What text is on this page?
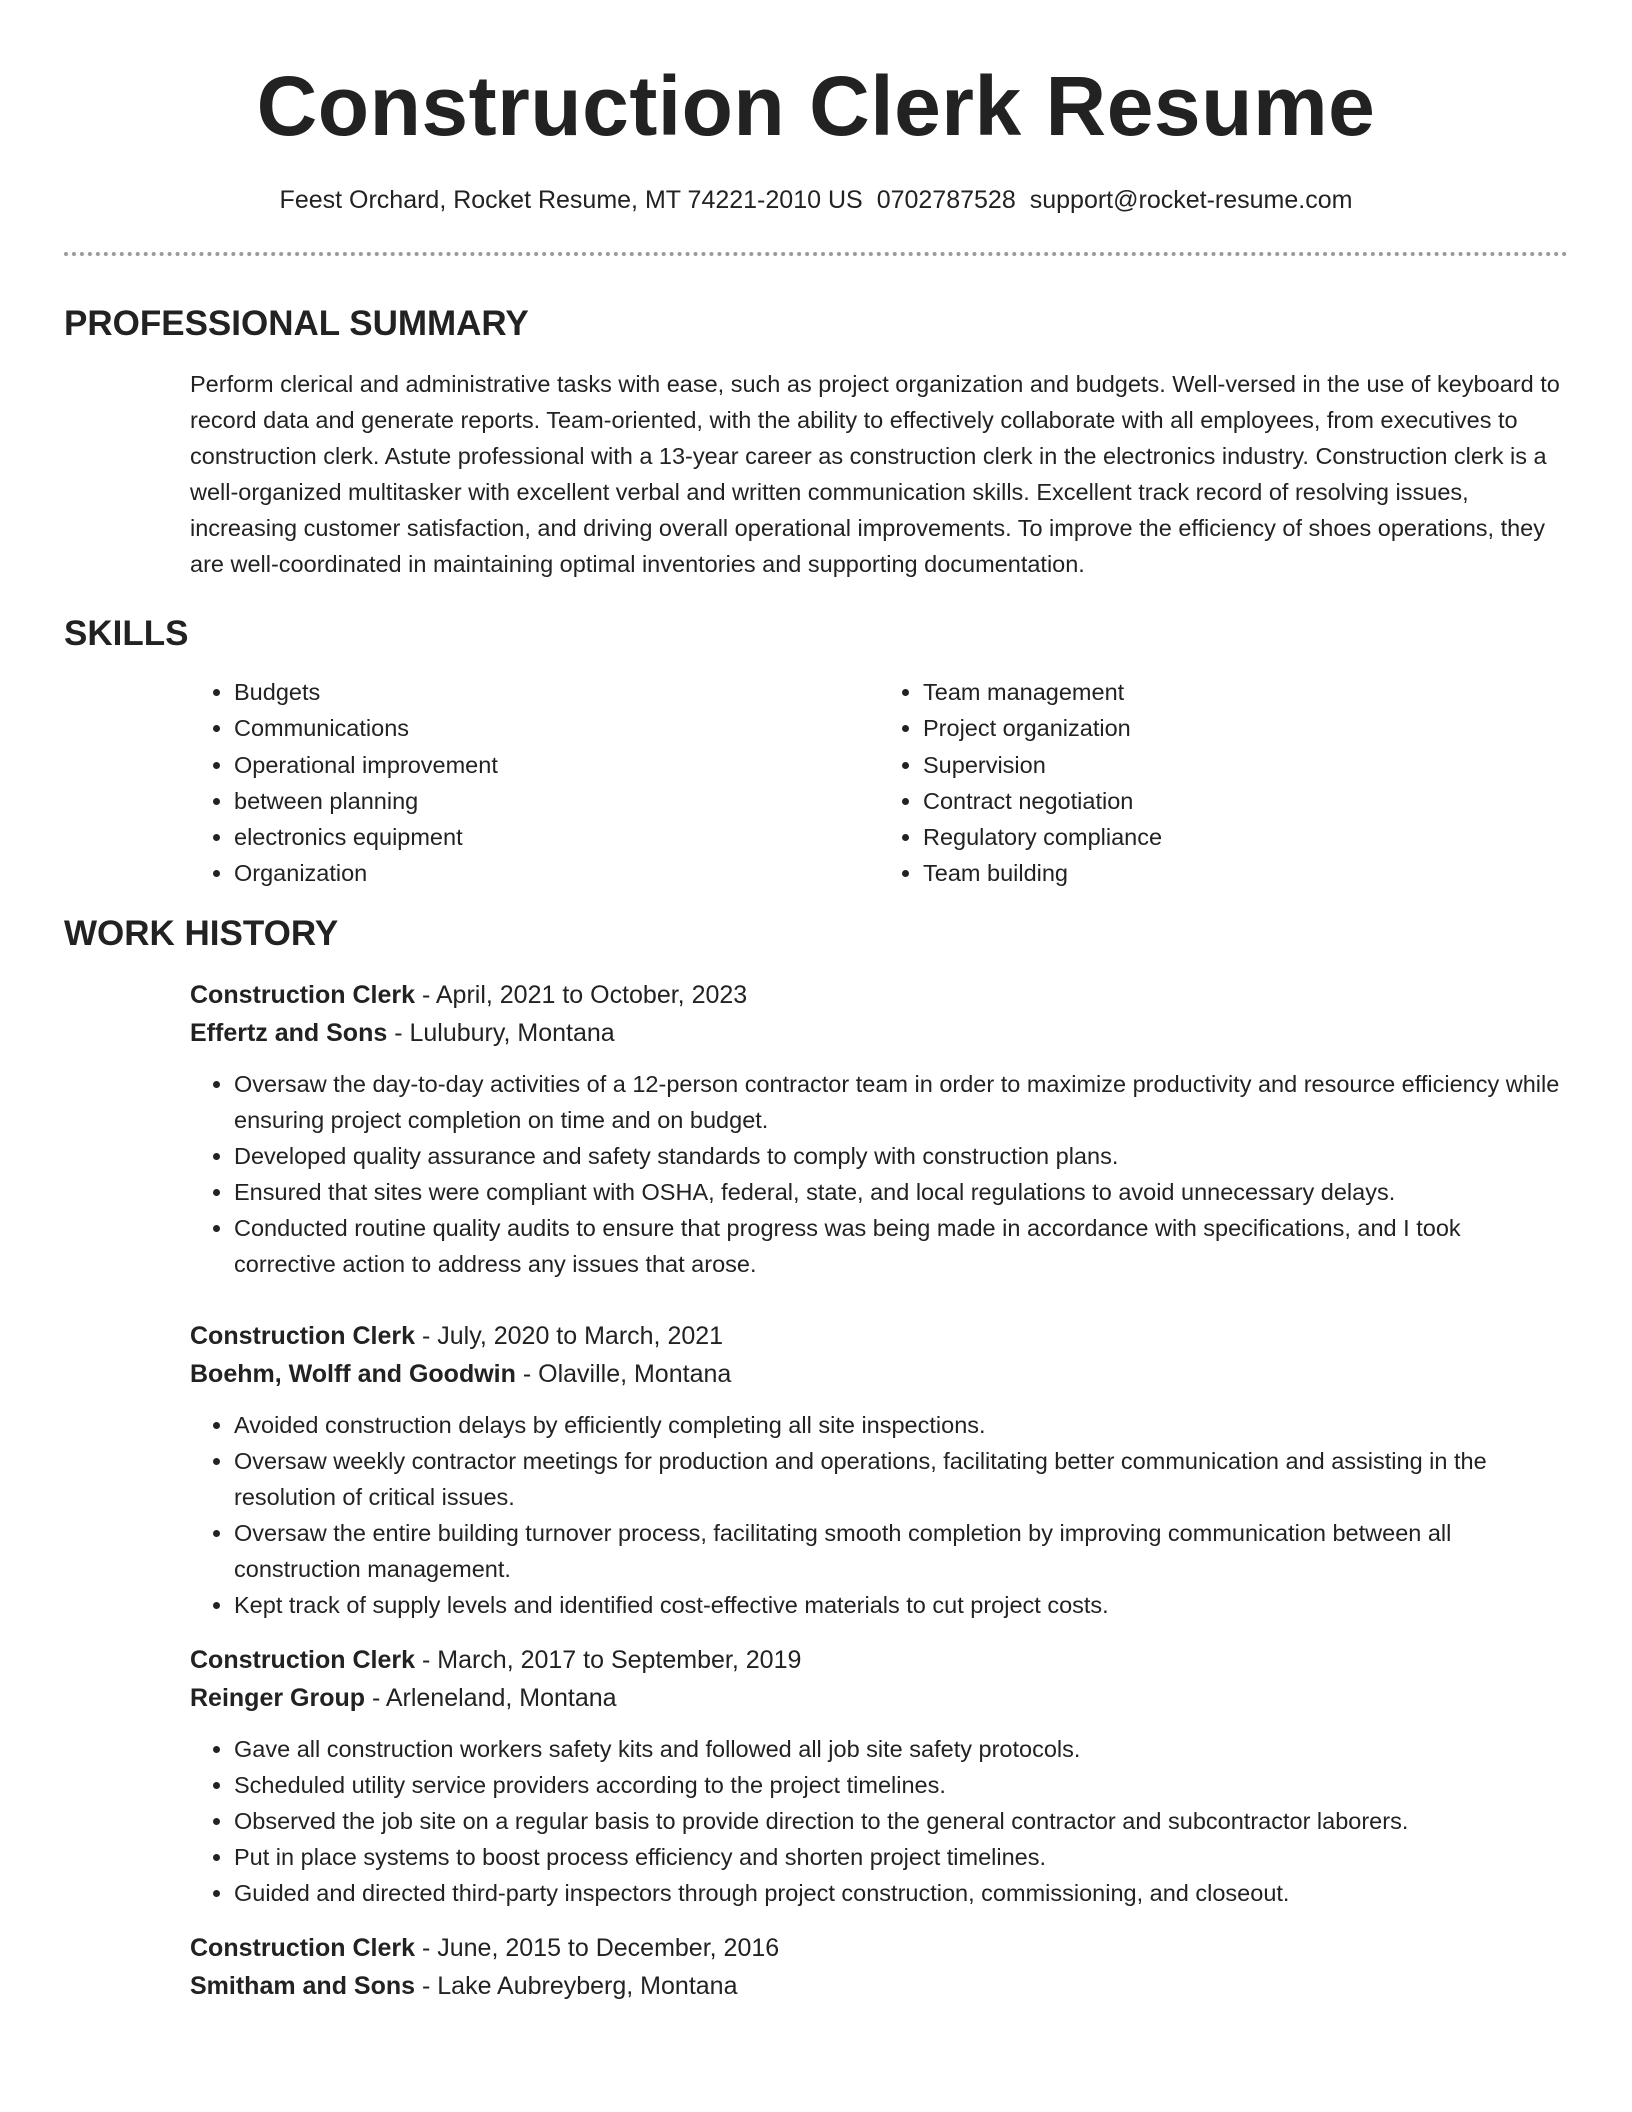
Construction Clerk Resume
Feest Orchard, Rocket Resume, MT 74221-2010 US 0702787528 support@rocket-resume.com
PROFESSIONAL SUMMARY
Perform clerical and administrative tasks with ease, such as project organization and budgets. Well-versed in the use of keyboard to record data and generate reports. Team-oriented, with the ability to effectively collaborate with all employees, from executives to construction clerk. Astute professional with a 13-year career as construction clerk in the electronics industry. Construction clerk is a well-organized multitasker with excellent verbal and written communication skills. Excellent track record of resolving issues, increasing customer satisfaction, and driving overall operational improvements. To improve the efficiency of shoes operations, they are well-coordinated in maintaining optimal inventories and supporting documentation.
SKILLS
• Budgets
• Communications
• Operational improvement
• between planning
• electronics equipment
• Organization
• Team management
• Project organization
• Supervision
• Contract negotiation
• Regulatory compliance
• Team building
WORK HISTORY
Construction Clerk - April, 2021 to October, 2023
Effertz and Sons - Lulubury, Montana
• Oversaw the day-to-day activities of a 12-person contractor team in order to maximize productivity and resource efficiency while ensuring project completion on time and on budget.
• Developed quality assurance and safety standards to comply with construction plans.
• Ensured that sites were compliant with OSHA, federal, state, and local regulations to avoid unnecessary delays.
• Conducted routine quality audits to ensure that progress was being made in accordance with specifications, and I took corrective action to address any issues that arose.
Construction Clerk - July, 2020 to March, 2021
Boehm, Wolff and Goodwin - Olaville, Montana
• Avoided construction delays by efficiently completing all site inspections.
• Oversaw weekly contractor meetings for production and operations, facilitating better communication and assisting in the resolution of critical issues.
• Oversaw the entire building turnover process, facilitating smooth completion by improving communication between all construction management.
• Kept track of supply levels and identified cost-effective materials to cut project costs.
Construction Clerk - March, 2017 to September, 2019
Reinger Group - Arleneland, Montana
• Gave all construction workers safety kits and followed all job site safety protocols.
• Scheduled utility service providers according to the project timelines.
• Observed the job site on a regular basis to provide direction to the general contractor and subcontractor laborers.
• Put in place systems to boost process efficiency and shorten project timelines.
• Guided and directed third-party inspectors through project construction, commissioning, and closeout.
Construction Clerk - June, 2015 to December, 2016
Smitham and Sons - Lake Aubreyberg, Montana
